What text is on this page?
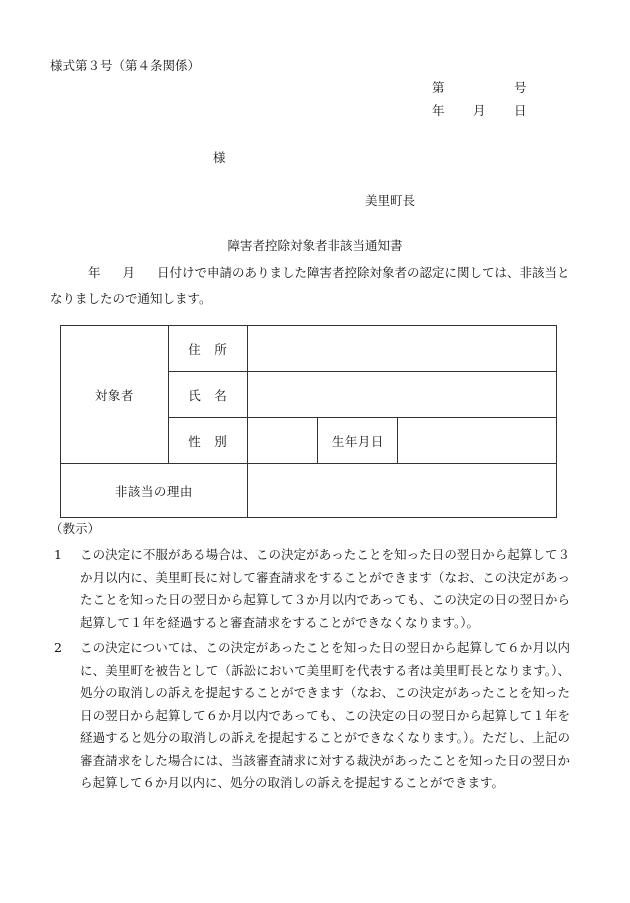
様式第３号（第４条関係）
第	号
年 月 日
様
美里町長
障害者控除対象者非該当通知書
年 月 日付けで申請のありました障害者控除対象者の認定に関しては、非該当となりましたので通知します。
対象者	住　所			
	氏　名			
	性　別		生年月日	
非該当の理由				
（教示）
1 この決定に不服がある場合は、この決定があったことを知った日の翌日から起算して３か月以内に、美里町長に対して審査請求をすることができます（なお、この決定があったことを知った日の翌日から起算して３か月以内であっても、この決定の日の翌日から起算して１年を経過すると審査請求をすることができなくなります。）。
2 この決定については、この決定があったことを知った日の翌日から起算して６か月以内に、美里町を被告として（訴訟において美里町を代表する者は美里町長となります。）、処分の取消しの訴えを提起することができます（なお、この決定があったことを知った日の翌日から起算して６か月以内であっても、この決定の日の翌日から起算して１年を経過すると処分の取消しの訴えを提起することができなくなります。）。ただし、上記の審査請求をした場合には、当該審査請求に対する裁決があったことを知った日の翌日から起算して６か月以内に、処分の取消しの訴えを提起することができます。
